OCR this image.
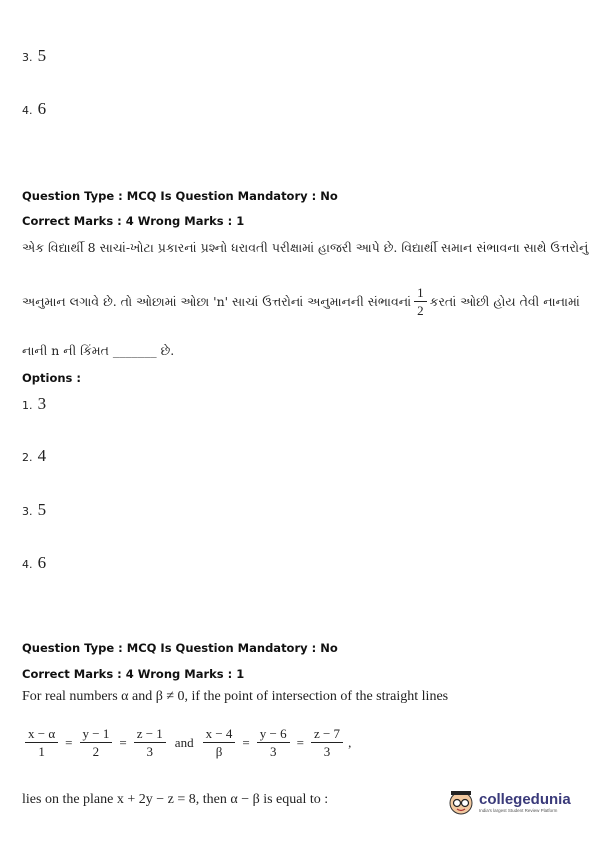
3. 5
4. 6
Question Type : MCQ Is Question Mandatory : No
Correct Marks : 4 Wrong Marks : 1
એક વિદ્યાર્થી 8 સાચાં-ખોટા પ્રકારનાં પ્રશ્નો ધરાવતી પરીક્ષામાં હાજરી આપે છે. વિદ્યાર્થી સમાન સંભાવના સાથે ઉત્તરોનું
અનુમાન લગાવે છે. તો ઓછામાં ઓછા 'n' સાચાં ઉત્તરોનાં અનુમાનની સંભાવનાં $\frac{1}{2}$ કરતાં ઓછી હોય તેવી નાનામાં
નાની n ની કિંમત _______ છે.
Options :
1. 3
2. 4
3. 5
4. 6
Question Type : MCQ Is Question Mandatory : No
Correct Marks : 4 Wrong Marks : 1
For real numbers α and β ≠ 0, if the point of intersection of the straight lines
$\frac{x - \alpha}{1} = \frac{y - 1}{2} = \frac{z - 1}{3}$ and $\frac{x - 4}{\beta} = \frac{y - 6}{3} = \frac{z - 7}{3}$ ,
lies on the plane x + 2y − z = 8, then α − β is equal to :	collegedunia
India's largest Student Review Platform
